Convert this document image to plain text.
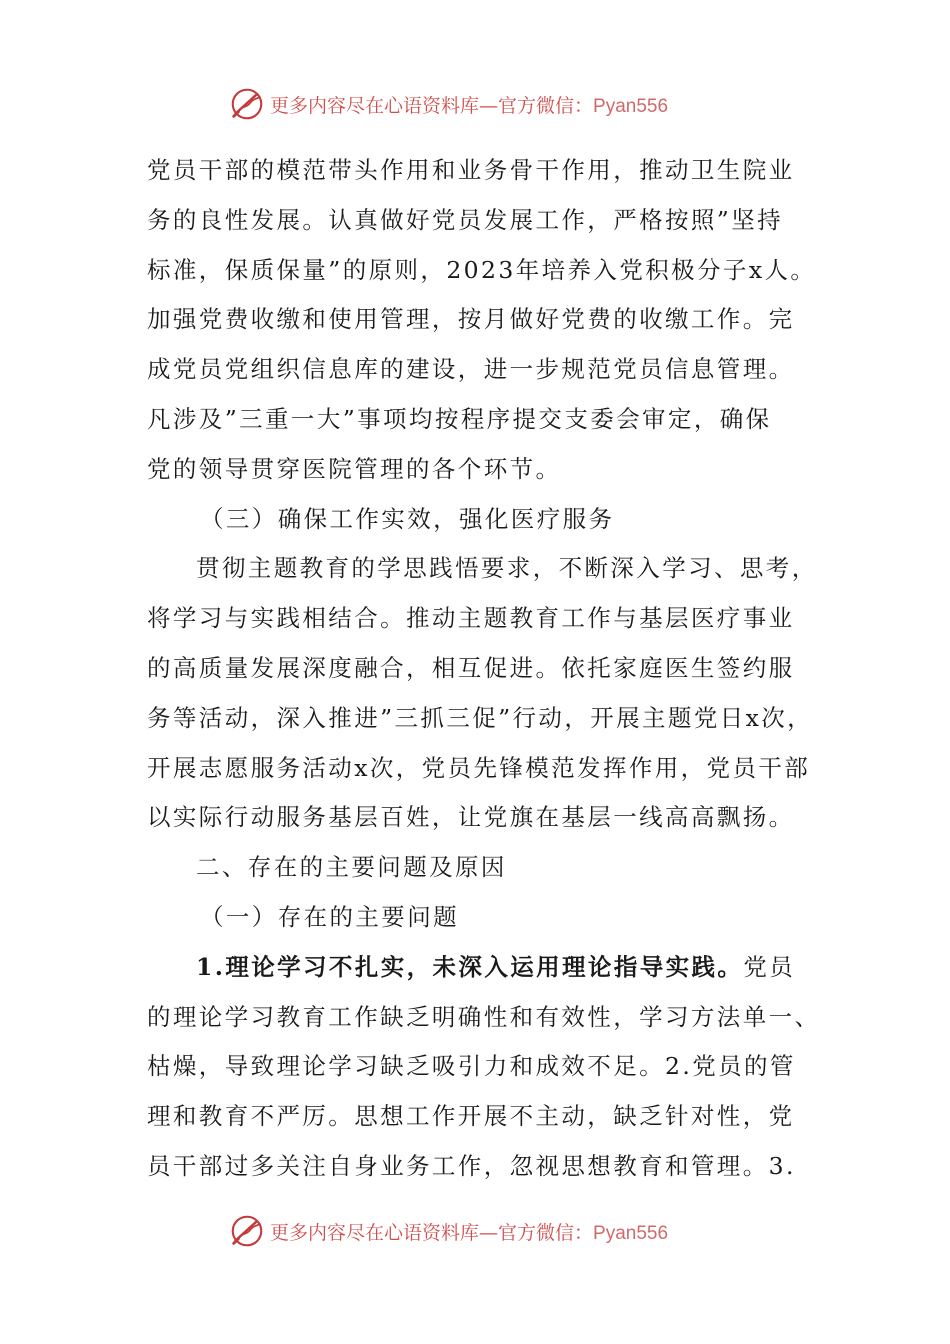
更多内容尽在心语资料库—官方微信：Pyan556
党员干部的模范带头作用和业务骨干作用，推动卫生院业
务的良性发展。认真做好党员发展工作，严格按照”坚持
标准，保质保量”的原则，2023年培养入党积极分子x人。
加强党费收缴和使用管理，按月做好党费的收缴工作。完
成党员党组织信息库的建设，进一步规范党员信息管理。
凡涉及”三重一大”事项均按程序提交支委会审定，确保
党的领导贯穿医院管理的各个环节。
（三）确保工作实效，强化医疗服务
贯彻主题教育的学思践悟要求，不断深入学习、思考，
将学习与实践相结合。推动主题教育工作与基层医疗事业
的高质量发展深度融合，相互促进。依托家庭医生签约服
务等活动，深入推进”三抓三促”行动，开展主题党日x次，
开展志愿服务活动x次，党员先锋模范发挥作用，党员干部
以实际行动服务基层百姓，让党旗在基层一线高高飘扬。
二、存在的主要问题及原因
（一）存在的主要问题
1.理论学习不扎实，未深入运用理论指导实践。党员
的理论学习教育工作缺乏明确性和有效性，学习方法单一、
枯燥，导致理论学习缺乏吸引力和成效不足。2.党员的管
理和教育不严厉。思想工作开展不主动，缺乏针对性，党
员干部过多关注自身业务工作，忽视思想教育和管理。3.
更多内容尽在心语资料库—官方微信：Pyan556
